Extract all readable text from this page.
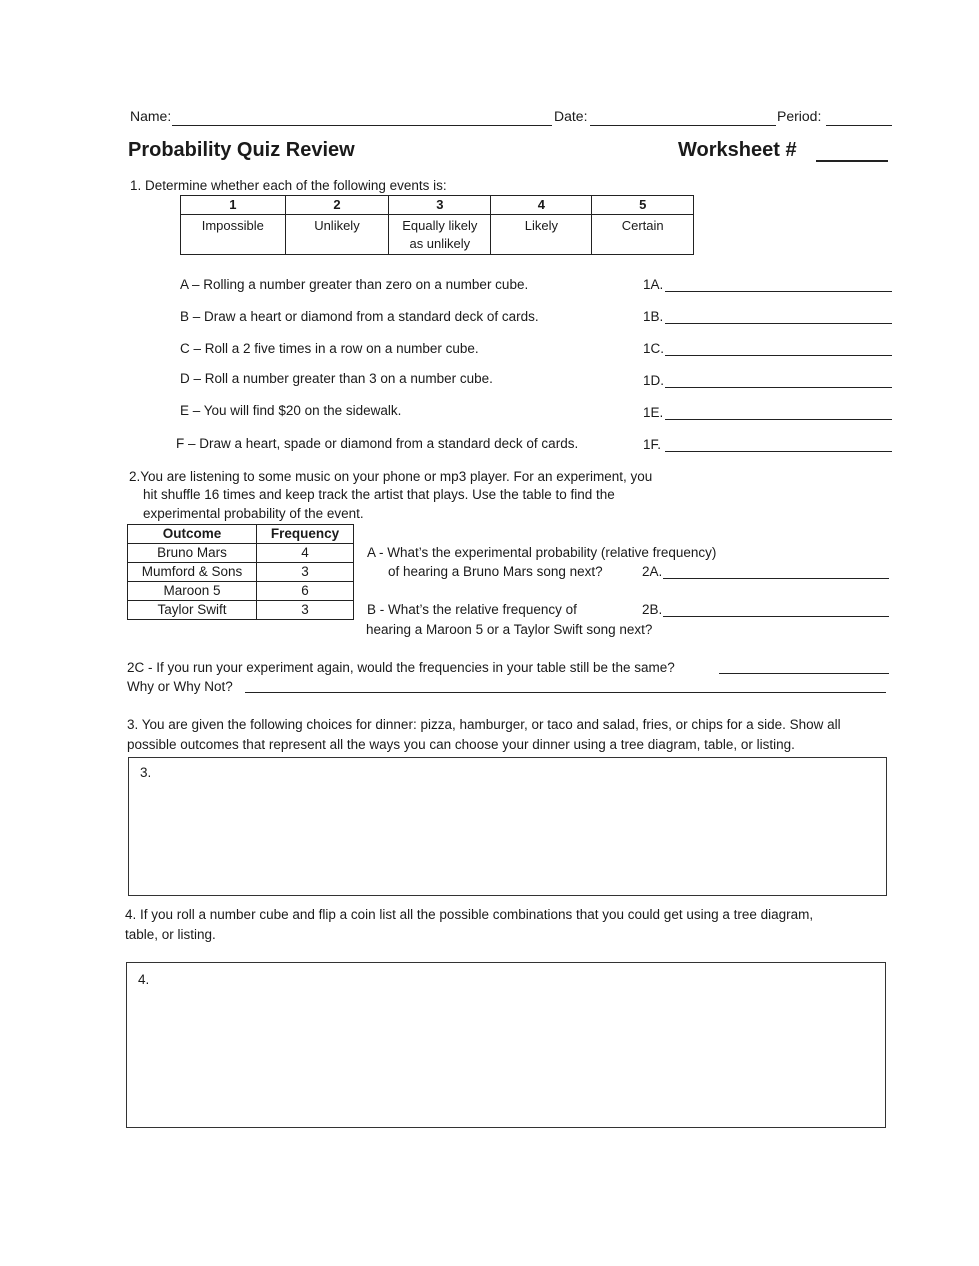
Name:	Date:	Period:
Probability Quiz Review	Worksheet #
1. Determine whether each of the following events is:
1	2	3	4	5
Impossible	Unlikely	Equally likely as unlikely	Likely	Certain
A – Rolling a number greater than zero on a number cube.	1A.
B – Draw a heart or diamond from a standard deck of cards.	1B.
C – Roll a 2 five times in a row on a number cube.	1C.
D – Roll a number greater than 3 on a number cube.	1D.
E – You will find $20 on the sidewalk.	1E.
F – Draw a heart, spade or diamond from a standard deck of cards.	1F.
2.You are listening to some music on your phone or mp3 player. For an experiment, you
hit shuffle 16 times and keep track the artist that plays. Use the table to find the
experimental probability of the event.
Outcome	Frequency
Bruno Mars	4
Mumford & Sons	3
Maroon 5	6
Taylor Swift	3
A - What’s the experimental probability (relative frequency)
of hearing a Bruno Mars song next?	2A.
B - What’s the relative frequency of	2B.
hearing a Maroon 5 or a Taylor Swift song next?
2C - If you run your experiment again, would the frequencies in your table still be the same?
Why or Why Not?
3. You are given the following choices for dinner: pizza, hamburger, or taco and salad, fries, or chips for a side. Show all
possible outcomes that represent all the ways you can choose your dinner using a tree diagram, table, or listing.
3.
4. If you roll a number cube and flip a coin list all the possible combinations that you could get using a tree diagram,
table, or listing.
4.
